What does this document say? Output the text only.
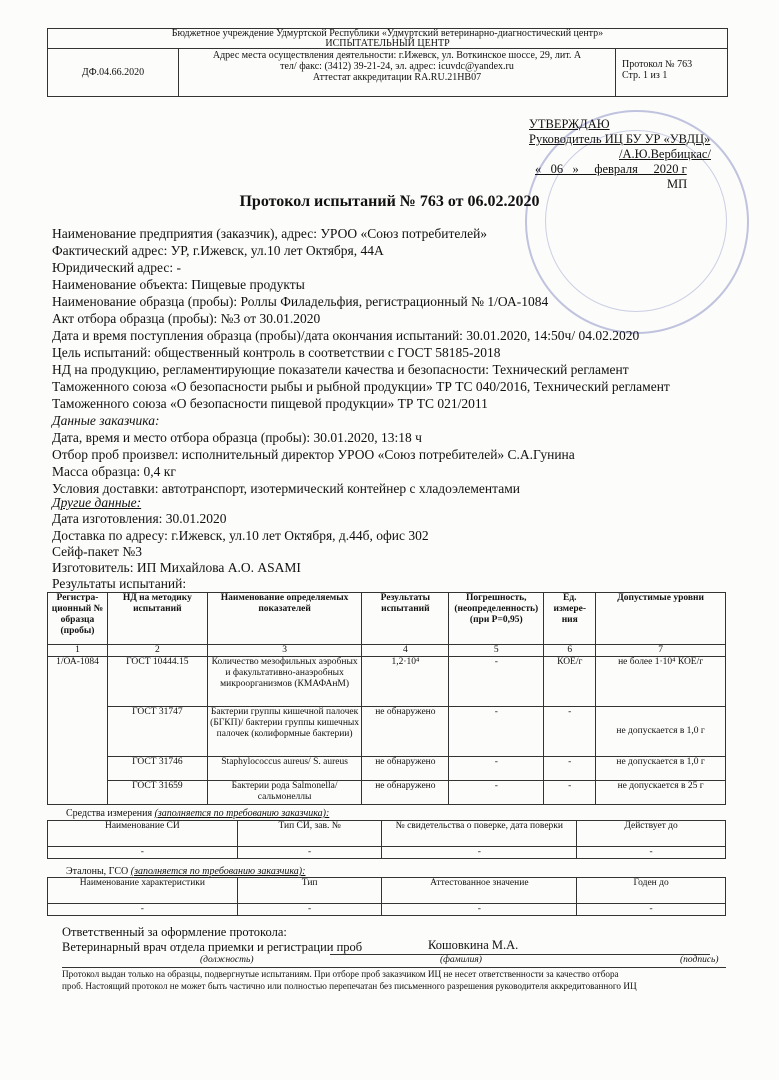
Бюджетное учреждение Удмуртской Республики «Удмуртский ветеринарно-диагностический центр»
ИСПЫТАТЕЛЬНЫЙ ЦЕНТР
ДФ.04.66.2020
Адрес места осуществления деятельности: г.Ижевск, ул. Воткинское шоссе, 29, лит. А
тел/ факс: (3412) 39-21-24, эл. адрес: icuvdc@yandex.ru
Аттестат аккредитации RA.RU.21HB07
Протокол № 763
Стр. 1 из 1
УТВЕРЖДАЮ
Руководитель ИЦ БУ УР «УВДЦ»
/А.Ю.Вербицкас/
«   06   »     февраля     2020 г
МП
Протокол испытаний № 763 от 06.02.2020
Наименование предприятия (заказчик), адрес: УРОО «Союз потребителей»
Фактический адрес: УР, г.Ижевск, ул.10 лет Октября, 44А
Юридический адрес: -
Наименование объекта: Пищевые продукты
Наименование образца (пробы): Роллы Филадельфия, регистрационный № 1/ОА-1084
Акт отбора образца (пробы): №3 от 30.01.2020
Дата и время поступления образца (пробы)/дата окончания испытаний: 30.01.2020, 14:50ч/ 04.02.2020
Цель испытаний: общественный контроль в соответствии с ГОСТ 58185-2018
НД на продукцию, регламентирующие показатели качества и безопасности: Технический регламент
Таможенного союза «О безопасности рыбы и рыбной продукции» ТР ТС 040/2016, Технический регламент
Таможенного союза «О безопасности пищевой продукции» ТР ТС 021/2011
Данные заказчика:
Дата, время и место отбора образца (пробы): 30.01.2020, 13:18 ч
Отбор проб произвел: исполнительный директор УРОО «Союз потребителей» С.А.Гунина
Масса образца: 0,4 кг
Условия доставки: автотранспорт, изотермический контейнер с хладоэлементами
Другие данные:
Дата изготовления: 30.01.2020
Доставка по адресу: г.Ижевск, ул.10 лет Октября, д.44б, офис 302
Сейф-пакет №3
Изготовитель: ИП Михайлова А.О. ASAMI
Результаты испытаний:
Регистра-ционный № образца (пробы)	НД на методику испытаний	Наименование определяемых показателей	Результаты испытаний	Погрешность, (неопределенность) (при Р=0,95)	Ед. измере-ния	Допустимые уровни
1	2	3	4	5	6	7
1/ОА-1084	ГОСТ 10444.15	Количество мезофильных аэробных и факультативно-анаэробных микроорганизмов (КМАФАнМ)	1,2·10⁴	-	КОЕ/г	не более 1·10⁴ КОЕ/г
	ГОСТ 31747	Бактерии группы кишечной палочек (БГКП)/ бактерии группы кишечных палочек (колиформные бактерии)	не обнаружено	-	-	не допускается в 1,0 г
	ГОСТ 31746	Staphylococcus aureus/ S. aureus	не обнаружено	-	-	не допускается в 1,0 г
	ГОСТ 31659	Бактерии рода Salmonella/сальмонеллы	не обнаружено	-	-	не допускается в 25 г
Средства измерения (заполняется по требованию заказчика):
Наименование СИ	Тип СИ, зав. №	№ свидетельства о поверке, дата поверки	Действует до
-	-	-	-
Эталоны, ГСО (заполняется по требованию заказчика):
Наименование характеристики	Тип	Аттестованное значение	Годен до
-	-	-	-
Ответственный за оформление протокола:
Ветеринарный врач отдела приемки и регистрации проб	Кошовкина М.А.
(должность)	(фамилия)	(подпись)
Протокол выдан только на образцы, подвергнутые испытаниям. При отборе проб заказчиком ИЦ не несет ответственности за качество отбора
проб. Настоящий протокол не может быть частично или полностью перепечатан без письменного разрешения руководителя аккредитованного ИЦ
